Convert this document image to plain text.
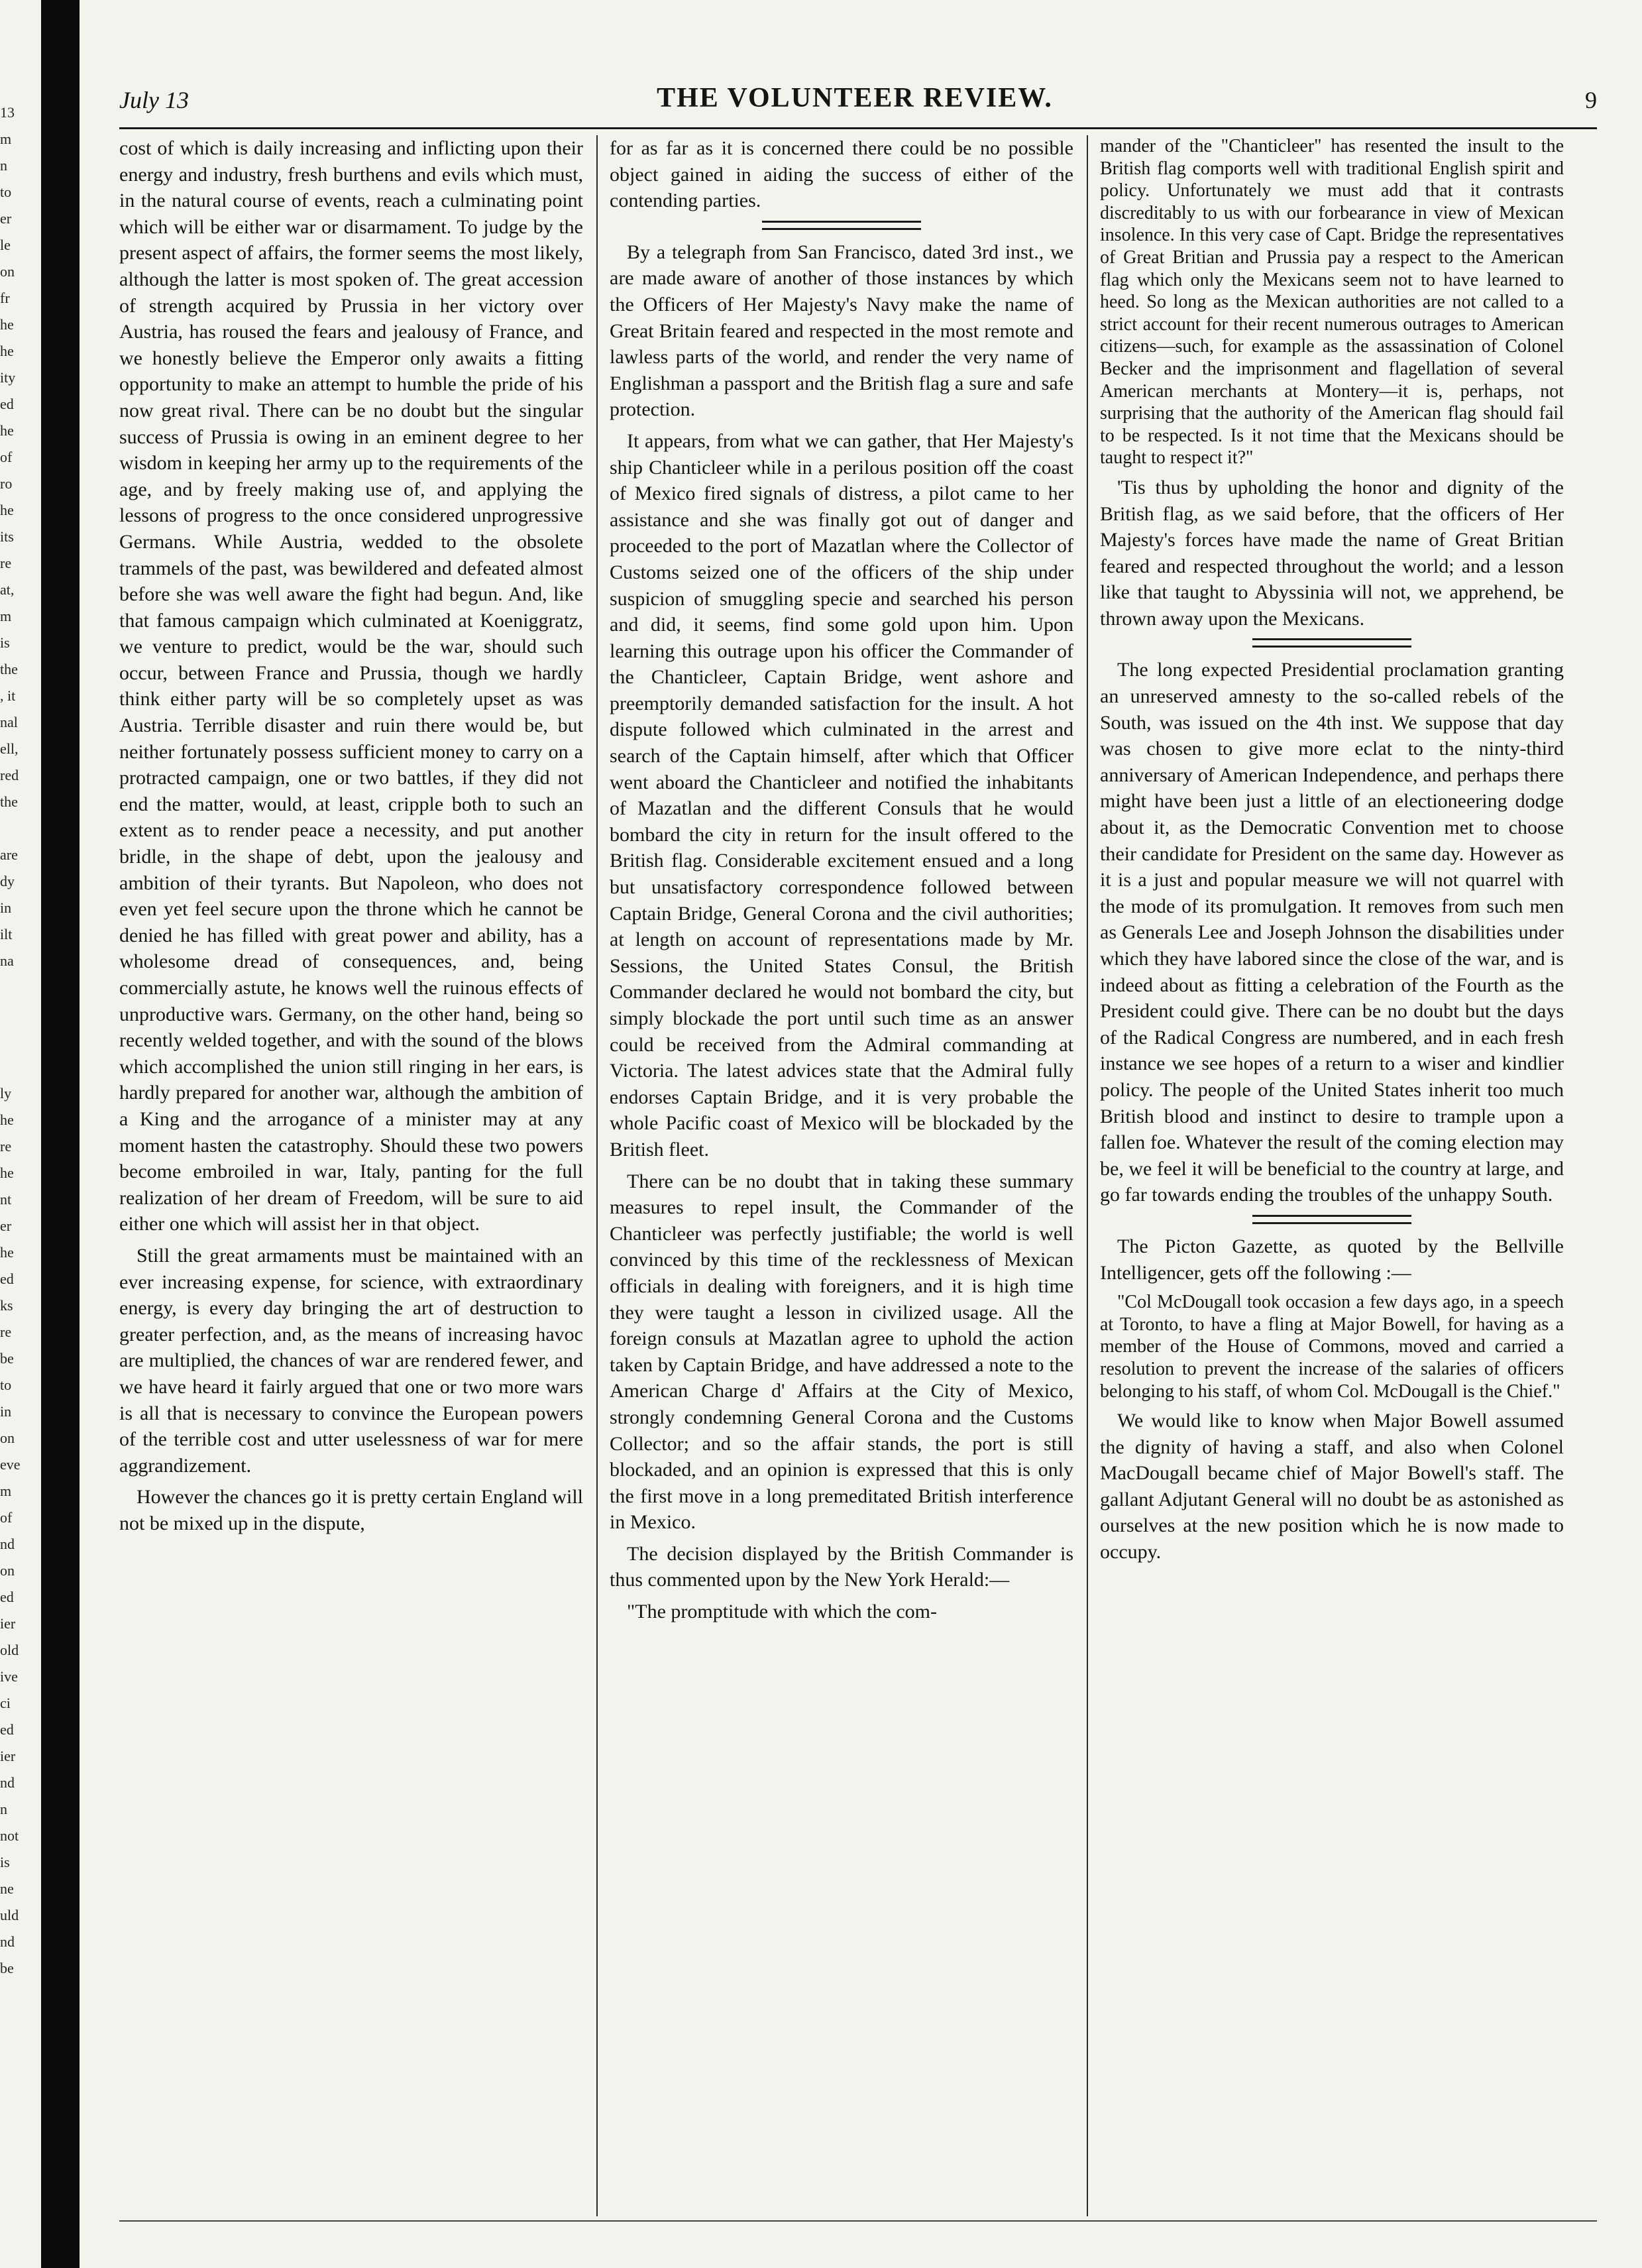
13
m
n
to
er
le
on
fr
he
he
ity
ed
he
of
ro
he
its
re
at,
m
is
the
, it
nal
ell,
red
the
are
dy
in
ilt
na
ly
he
re
he
nt
er
he
ed
ks
re
be
to
in
on
eve
m
of
nd
on
ed
ier
old
ive
ci
ed
ier
nd
n
not
is
ne
uld
nd
be
July 13	THE VOLUNTEER REVIEW.	9

cost of which is daily increasing and inflicting upon their energy and industry, fresh burthens and evils which must, in the natural course of events, reach a culminating point which will be either war or disarmament. To judge by the present aspect of affairs, the former seems the most likely, although the latter is most spoken of. The great accession of strength acquired by Prussia in her victory over Austria, has roused the fears and jealousy of France, and we honestly believe the Emperor only awaits a fitting opportunity to make an attempt to humble the pride of his now great rival. There can be no doubt but the singular success of Prussia is owing in an eminent degree to her wisdom in keeping her army up to the requirements of the age, and by freely making use of, and applying the lessons of progress to the once considered unprogressive Germans. While Austria, wedded to the obsolete trammels of the past, was bewildered and defeated almost before she was well aware the fight had begun. And, like that famous campaign which culminated at Koeniggratz, we venture to predict, would be the war, should such occur, between France and Prussia, though we hardly think either party will be so completely upset as was Austria. Terrible disaster and ruin there would be, but neither fortunately possess sufficient money to carry on a protracted campaign, one or two battles, if they did not end the matter, would, at least, cripple both to such an extent as to render peace a necessity, and put another bridle, in the shape of debt, upon the jealousy and ambition of their tyrants. But Napoleon, who does not even yet feel secure upon the throne which he cannot be denied he has filled with great power and ability, has a wholesome dread of consequences, and, being commercially astute, he knows well the ruinous effects of unproductive wars. Germany, on the other hand, being so recently welded together, and with the sound of the blows which accomplished the union still ringing in her ears, is hardly prepared for another war, although the ambition of a King and the arrogance of a minister may at any moment hasten the catastrophy. Should these two powers become embroiled in war, Italy, panting for the full realization of her dream of Freedom, will be sure to aid either one which will assist her in that object.

Still the great armaments must be maintained with an ever increasing expense, for science, with extraordinary energy, is every day bringing the art of destruction to greater perfection, and, as the means of increasing havoc are multiplied, the chances of war are rendered fewer, and we have heard it fairly argued that one or two more wars is all that is necessary to convince the European powers of the terrible cost and utter uselessness of war for mere aggrandizement.

However the chances go it is pretty certain England will not be mixed up in the dispute,

for as far as it is concerned there could be no possible object gained in aiding the success of either of the contending parties.

By a telegraph from San Francisco, dated 3rd inst., we are made aware of another of those instances by which the Officers of Her Majesty's Navy make the name of Great Britain feared and respected in the most remote and lawless parts of the world, and render the very name of Englishman a passport and the British flag a sure and safe protection.

It appears, from what we can gather, that Her Majesty's ship Chanticleer while in a perilous position off the coast of Mexico fired signals of distress, a pilot came to her assistance and she was finally got out of danger and proceeded to the port of Mazatlan where the Collector of Customs seized one of the officers of the ship under suspicion of smuggling specie and searched his person and did, it seems, find some gold upon him. Upon learning this outrage upon his officer the Commander of the Chanticleer, Captain Bridge, went ashore and preemptorily demanded satisfaction for the insult. A hot dispute followed which culminated in the arrest and search of the Captain himself, after which that Officer went aboard the Chanticleer and notified the inhabitants of Mazatlan and the different Consuls that he would bombard the city in return for the insult offered to the British flag. Considerable excitement ensued and a long but unsatisfactory correspondence followed between Captain Bridge, General Corona and the civil authorities; at length on account of representations made by Mr. Sessions, the United States Consul, the British Commander declared he would not bombard the city, but simply blockade the port until such time as an answer could be received from the Admiral commanding at Victoria. The latest advices state that the Admiral fully endorses Captain Bridge, and it is very probable the whole Pacific coast of Mexico will be blockaded by the British fleet.

There can be no doubt that in taking these summary measures to repel insult, the Commander of the Chanticleer was perfectly justifiable; the world is well convinced by this time of the recklessness of Mexican officials in dealing with foreigners, and it is high time they were taught a lesson in civilized usage. All the foreign consuls at Mazatlan agree to uphold the action taken by Captain Bridge, and have addressed a note to the American Charge d' Affairs at the City of Mexico, strongly condemning General Corona and the Customs Collector; and so the affair stands, the port is still blockaded, and an opinion is expressed that this is only the first move in a long premeditated British interference in Mexico.

The decision displayed by the British Commander is thus commented upon by the New York Herald:—

"The promptitude with which the com-

mander of the "Chanticleer" has resented the insult to the British flag comports well with traditional English spirit and policy. Unfortunately we must add that it contrasts discreditably to us with our forbearance in view of Mexican insolence. In this very case of Capt. Bridge the representatives of Great Britian and Prussia pay a respect to the American flag which only the Mexicans seem not to have learned to heed. So long as the Mexican authorities are not called to a strict account for their recent numerous outrages to American citizens—such, for example as the assassination of Colonel Becker and the imprisonment and flagellation of several American merchants at Montery—it is, perhaps, not surprising that the authority of the American flag should fail to be respected. Is it not time that the Mexicans should be taught to respect it?"

'Tis thus by upholding the honor and dignity of the British flag, as we said before, that the officers of Her Majesty's forces have made the name of Great Britian feared and respected throughout the world; and a lesson like that taught to Abyssinia will not, we apprehend, be thrown away upon the Mexicans.

The long expected Presidential proclamation granting an unreserved amnesty to the so-called rebels of the South, was issued on the 4th inst. We suppose that day was chosen to give more eclat to the ninty-third anniversary of American Independence, and perhaps there might have been just a little of an electioneering dodge about it, as the Democratic Convention met to choose their candidate for President on the same day. However as it is a just and popular measure we will not quarrel with the mode of its promulgation. It removes from such men as Generals Lee and Joseph Johnson the disabilities under which they have labored since the close of the war, and is indeed about as fitting a celebration of the Fourth as the President could give. There can be no doubt but the days of the Radical Congress are numbered, and in each fresh instance we see hopes of a return to a wiser and kindlier policy. The people of the United States inherit too much British blood and instinct to desire to trample upon a fallen foe. Whatever the result of the coming election may be, we feel it will be beneficial to the country at large, and go far towards ending the troubles of the unhappy South.

The Picton Gazette, as quoted by the Bellville Intelligencer, gets off the following :—

"Col McDougall took occasion a few days ago, in a speech at Toronto, to have a fling at Major Bowell, for having as a member of the House of Commons, moved and carried a resolution to prevent the increase of the salaries of officers belonging to his staff, of whom Col. McDougall is the Chief."

We would like to know when Major Bowell assumed the dignity of having a staff, and also when Colonel MacDougall became chief of Major Bowell's staff. The gallant Adjutant General will no doubt be as astonished as ourselves at the new position which he is now made to occupy.
